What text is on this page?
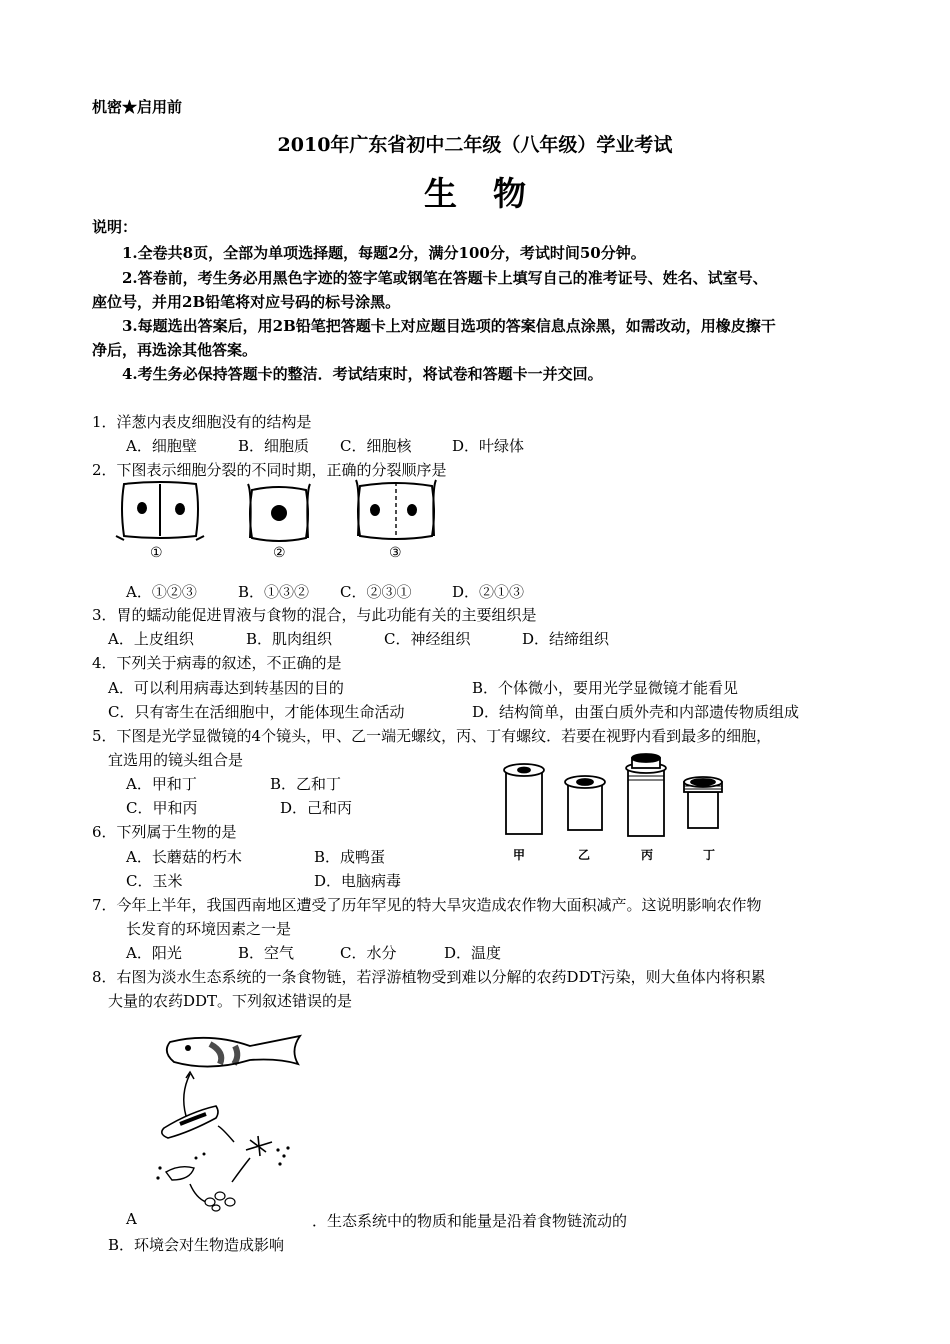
机密★启用前
2010年广东省初中二年级（八年级）学业考试
生物
说明：
1.全卷共8页，全部为单项选择题，每题2分，满分100分，考试时间50分钟。
2.答卷前，考生务必用黑色字迹的签字笔或钢笔在答题卡上填写自己的准考证号、姓名、试室号、
座位号，并用2B铅笔将对应号码的标号涂黑。
3.每题选出答案后，用2B铅笔把答题卡上对应题目选项的答案信息点涂黑，如需改动，用橡皮擦干
净后，再选涂其他答案。
4.考生务必保持答题卡的整洁．考试结束时，将试卷和答题卡一并交回。
1．洋葱内表皮细胞没有的结构是
A．细胞壁	B．细胞质 C．细胞核	D．叶绿体
2．下图表示细胞分裂的不同时期，正确的分裂顺序是
①	②	③
A．①②③	B．①③② C．②③①	D．②①③
3．胃的蠕动能促进胃液与食物的混合，与此功能有关的主要组织是
A．上皮组织	B．肌肉组织	C．神经组织	D．结缔组织
4．下列关于病毒的叙述，不正确的是
A．可以利用病毒达到转基因的目的	B．个体微小，要用光学显微镜才能看见
C．只有寄生在活细胞中，才能体现生命活动	D．结构简单，由蛋白质外壳和内部遗传物质组成
5．下图是光学显微镜的4个镜头，甲、乙一端无螺纹，丙、丁有螺纹．若要在视野内看到最多的细胞，
宜选用的镜头组合是
A．甲和丁	B．乙和丁
C．甲和丙	D．己和丙
甲	乙	丙	丁
6．下列属于生物的是
A．长蘑菇的朽木	B．成鸭蛋
C．玉米	D．电脑病毒
7．今年上半年，我国西南地区遭受了历年罕见的特大旱灾造成农作物大面积减产。这说明影响农作物
长发育的环境因素之一是
A．阳光	B．空气	C．水分	D．温度
8．右图为淡水生态系统的一条食物链，若浮游植物受到难以分解的农药DDT污染，则大鱼体内将积累
大量的农药DDT。下列叙述错误的是
A	．生态系统中的物质和能量是沿着食物链流动的
B．环境会对生物造成影响
